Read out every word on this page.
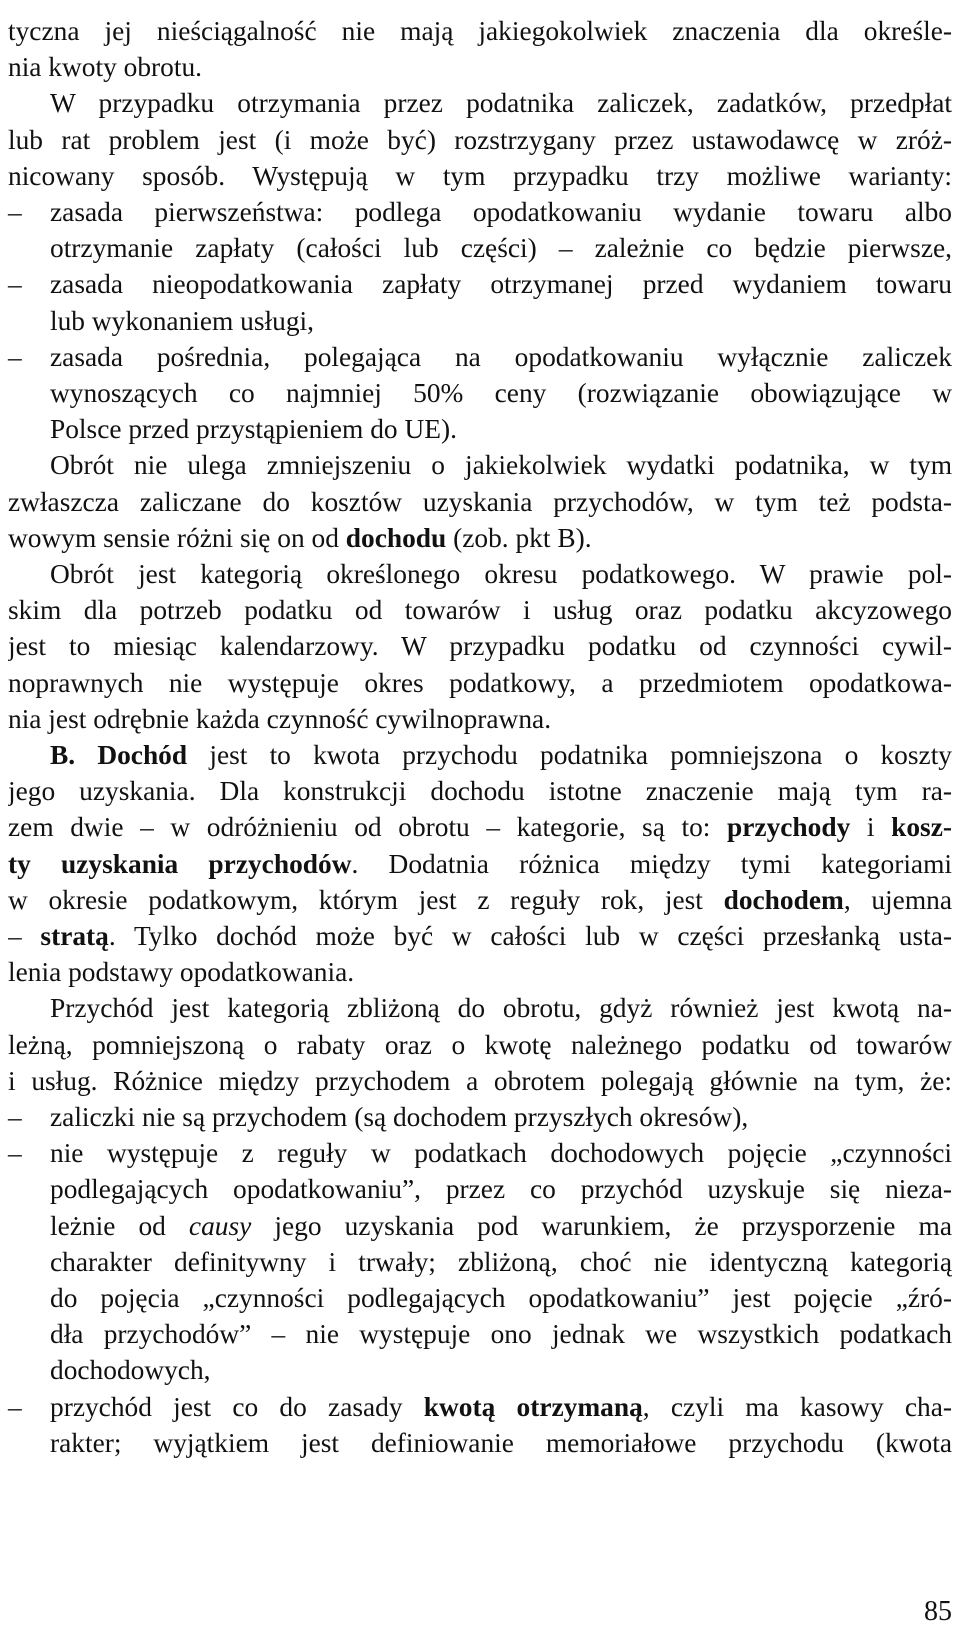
85
tyczna jej nieściągalność nie mają jakiegokolwiek znaczenia dla określe-
nia kwoty obrotu.
W przypadku otrzymania przez podatnika zaliczek, zadatków, przedpłat
lub rat problem jest (i może być) rozstrzygany przez ustawodawcę w zróż-
nicowany sposób. Występują w tym przypadku trzy możliwe warianty:
–	zasada pierwszeństwa: podlega opodatkowaniu wydanie towaru albo
otrzymanie zapłaty (całości lub części) – zależnie co będzie pierwsze,
–	zasada nieopodatkowania zapłaty otrzymanej przed wydaniem towaru
lub wykonaniem usługi,
–	zasada pośrednia, polegająca na opodatkowaniu wyłącznie zaliczek
wynoszących co najmniej 50% ceny (rozwiązanie obowiązujące w
Polsce przed przystąpieniem do UE).
Obrót nie ulega zmniejszeniu o jakiekolwiek wydatki podatnika, w tym
zwłaszcza zaliczane do kosztów uzyskania przychodów, w tym też podsta-
wowym sensie różni się on od dochodu (zob. pkt B).
Obrót jest kategorią określonego okresu podatkowego. W prawie pol-
skim dla potrzeb podatku od towarów i usług oraz podatku akcyzowego
jest to miesiąc kalendarzowy. W przypadku podatku od czynności cywil-
noprawnych nie występuje okres podatkowy, a przedmiotem opodatkowa-
nia jest odrębnie każda czynność cywilnoprawna.
B. Dochód jest to kwota przychodu podatnika pomniejszona o koszty
jego uzyskania. Dla konstrukcji dochodu istotne znaczenie mają tym ra-
zem dwie – w odróżnieniu od obrotu – kategorie, są to: przychody i kosz-
ty uzyskania przychodów. Dodatnia różnica między tymi kategoriami
w okresie podatkowym, którym jest z reguły rok, jest dochodem, ujemna
– stratą. Tylko dochód może być w całości lub w części przesłanką usta-
lenia podstawy opodatkowania.
Przychód jest kategorią zbliżoną do obrotu, gdyż również jest kwotą na-
leżną, pomniejszoną o rabaty oraz o kwotę należnego podatku od towarów
i usług. Różnice między przychodem a obrotem polegają głównie na tym, że:
–	zaliczki nie są przychodem (są dochodem przyszłych okresów),
–	nie występuje z reguły w podatkach dochodowych pojęcie „czynności
podlegających opodatkowaniu”, przez co przychód uzyskuje się nieza-
leżnie od causy jego uzyskania pod warunkiem, że przysporzenie ma
charakter definitywny i trwały; zbliżoną, choć nie identyczną kategorią
do pojęcia „czynności podlegających opodatkowaniu” jest pojęcie „źró-
dła przychodów” – nie występuje ono jednak we wszystkich podatkach
dochodowych,
–	przychód jest co do zasady kwotą otrzymaną, czyli ma kasowy cha-
rakter; wyjątkiem jest definiowanie memoriałowe przychodu (kwota
